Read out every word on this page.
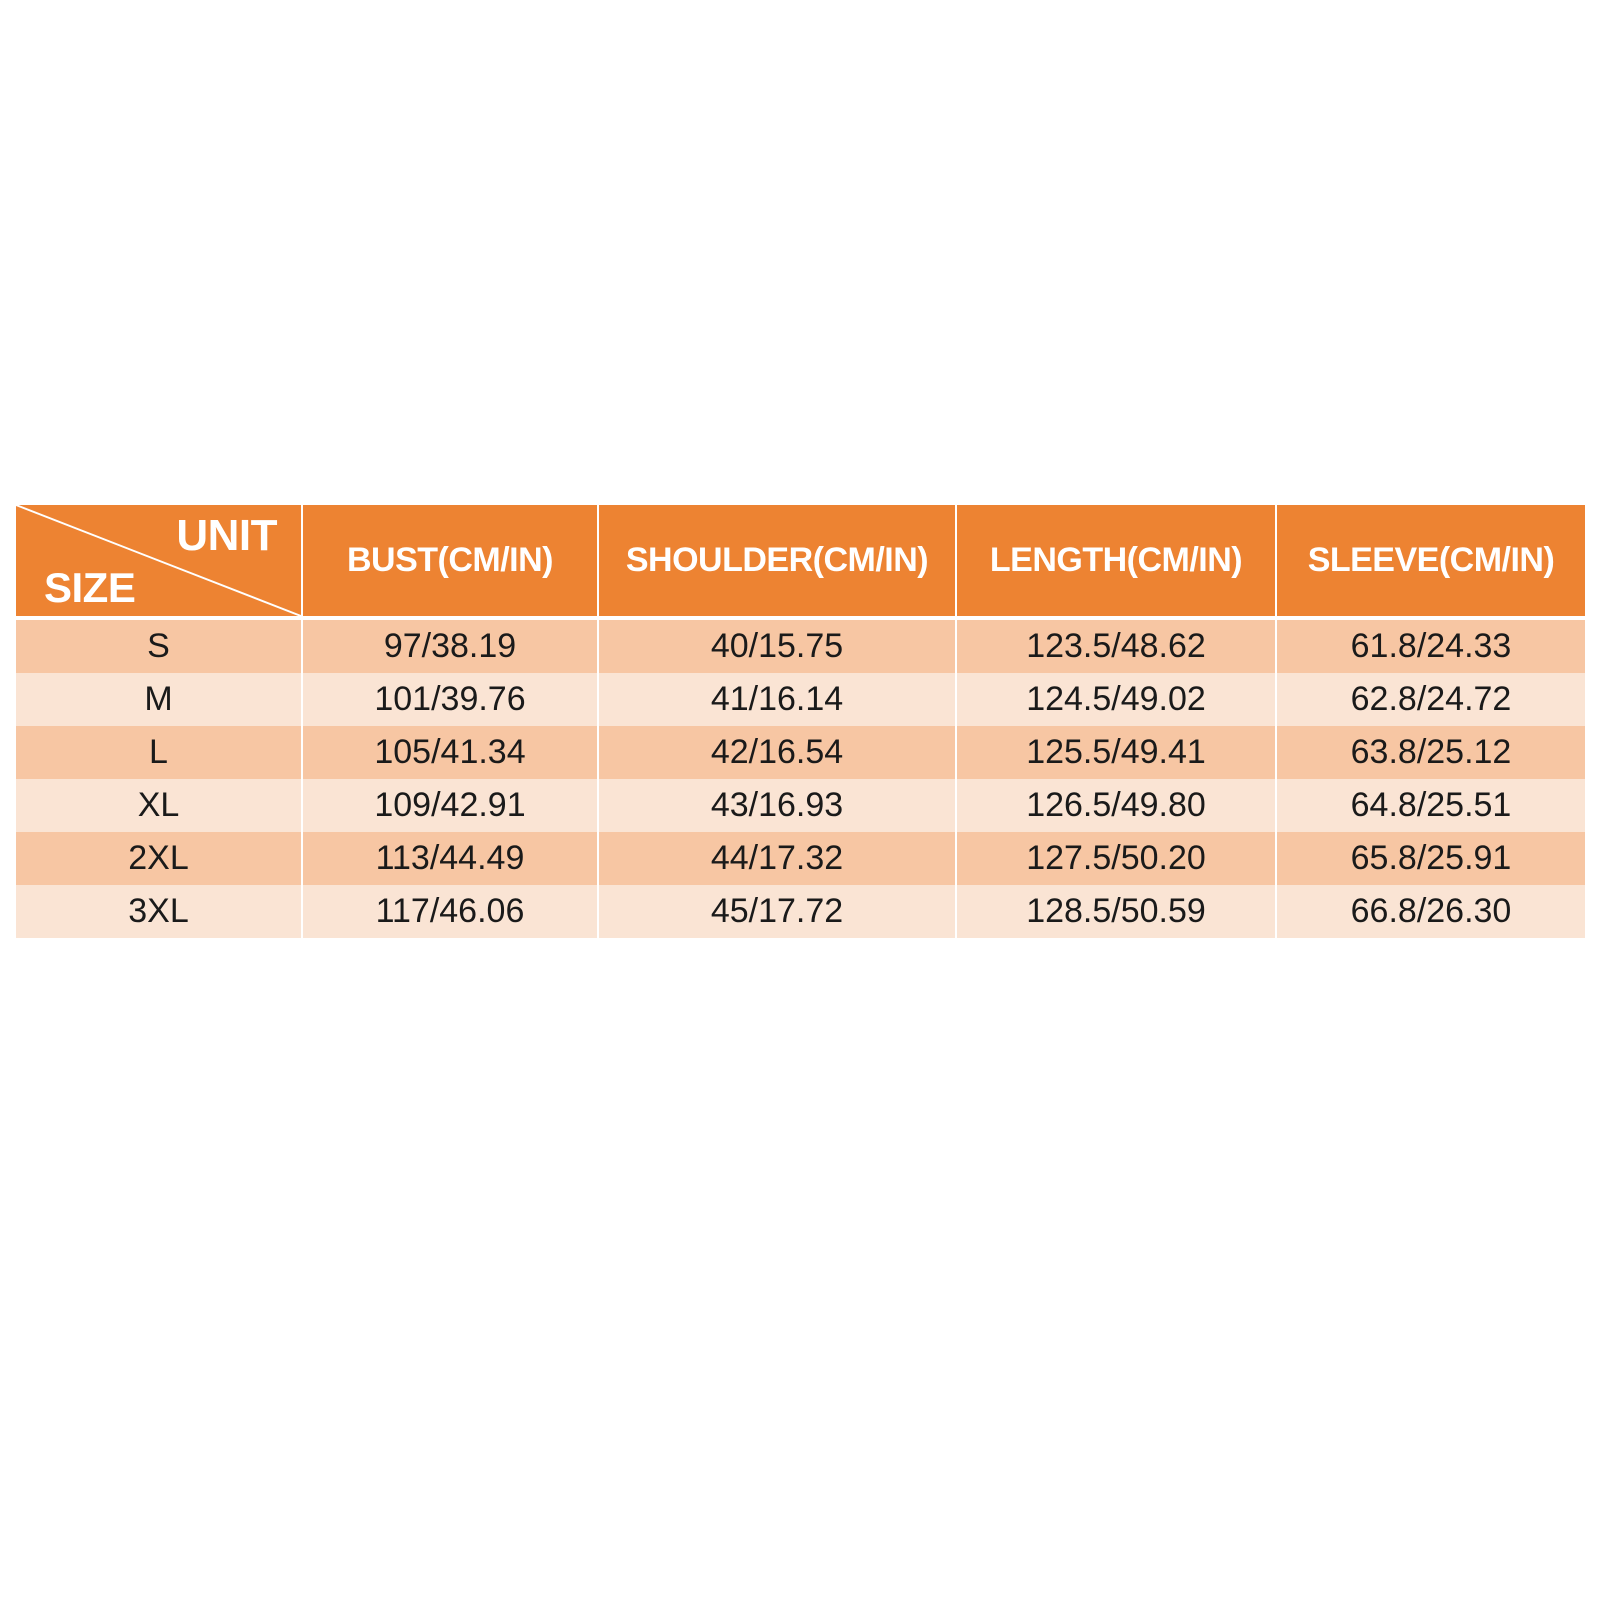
UNIT
SIZE	BUST(CM/IN)	SHOULDER(CM/IN)	LENGTH(CM/IN)	SLEEVE(CM/IN)
S	97/38.19	40/15.75	123.5/48.62	61.8/24.33
M	101/39.76	41/16.14	124.5/49.02	62.8/24.72
L	105/41.34	42/16.54	125.5/49.41	63.8/25.12
XL	109/42.91	43/16.93	126.5/49.80	64.8/25.51
2XL	113/44.49	44/17.32	127.5/50.20	65.8/25.91
3XL	117/46.06	45/17.72	128.5/50.59	66.8/26.30
